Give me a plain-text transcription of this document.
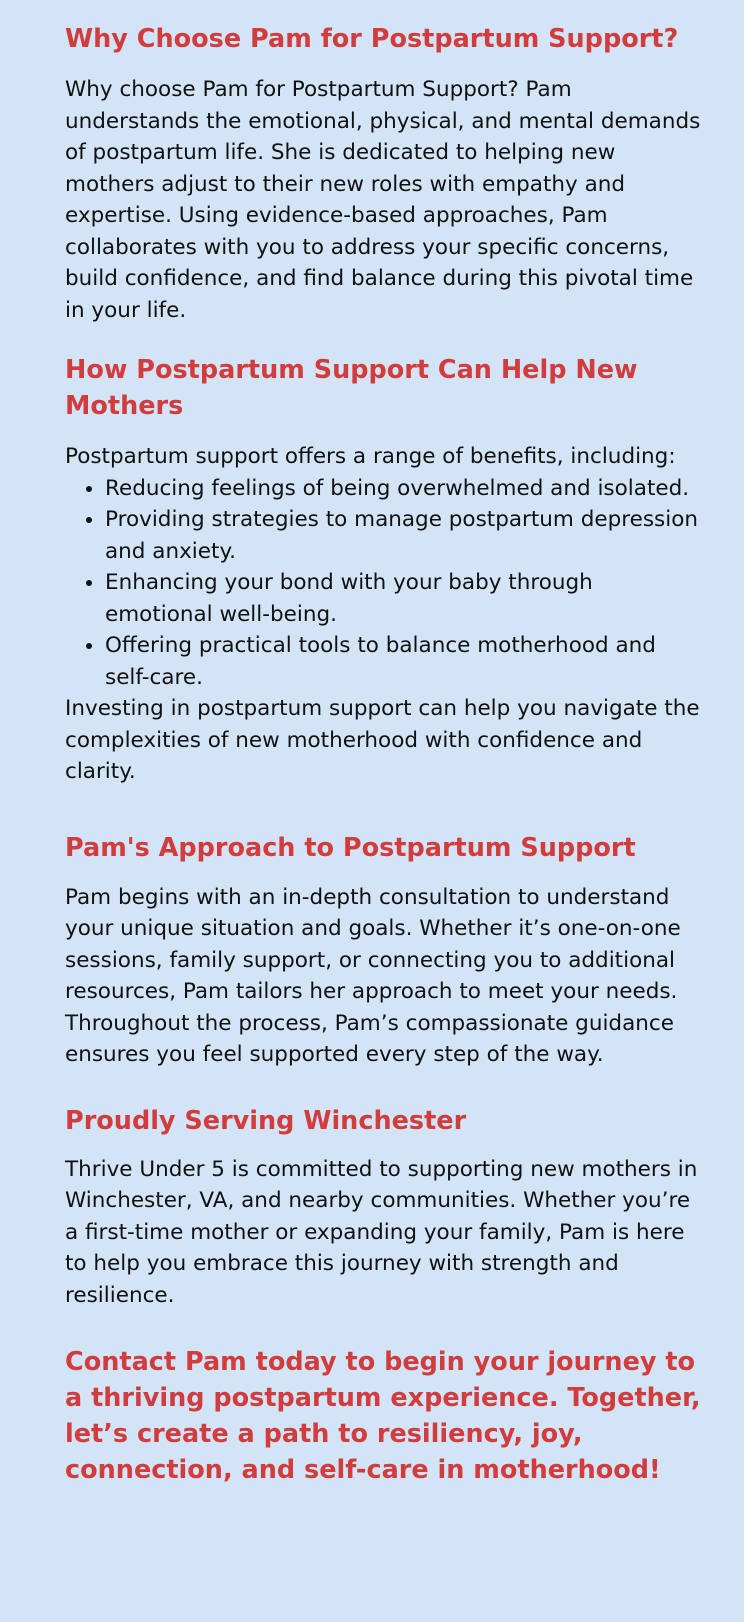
Why Choose Pam for Postpartum Support?

Why choose Pam for Postpartum Support? Pam understands the emotional, physical, and mental demands of postpartum life. She is dedicated to helping new mothers adjust to their new roles with empathy and expertise. Using evidence-based approaches, Pam collaborates with you to address your specific concerns, build confidence, and find balance during this pivotal time in your life.

How Postpartum Support Can Help New Mothers

Postpartum support offers a range of benefits, including:

• Reducing feelings of being overwhelmed and isolated.
• Providing strategies to manage postpartum depression and anxiety.
• Enhancing your bond with your baby through emotional well-being.
• Offering practical tools to balance motherhood and self-care.

Investing in postpartum support can help you navigate the complexities of new motherhood with confidence and clarity.

Pam's Approach to Postpartum Support

Pam begins with an in-depth consultation to understand your unique situation and goals. Whether it’s one-on-one sessions, family support, or connecting you to additional resources, Pam tailors her approach to meet your needs. Throughout the process, Pam’s compassionate guidance ensures you feel supported every step of the way.

Proudly Serving Winchester

Thrive Under 5 is committed to supporting new mothers in Winchester, VA, and nearby communities. Whether you’re a first-time mother or expanding your family, Pam is here to help you embrace this journey with strength and resilience.

Contact Pam today to begin your journey to a thriving postpartum experience. Together, let’s create a path to resiliency, joy, connection, and self-care in motherhood!
